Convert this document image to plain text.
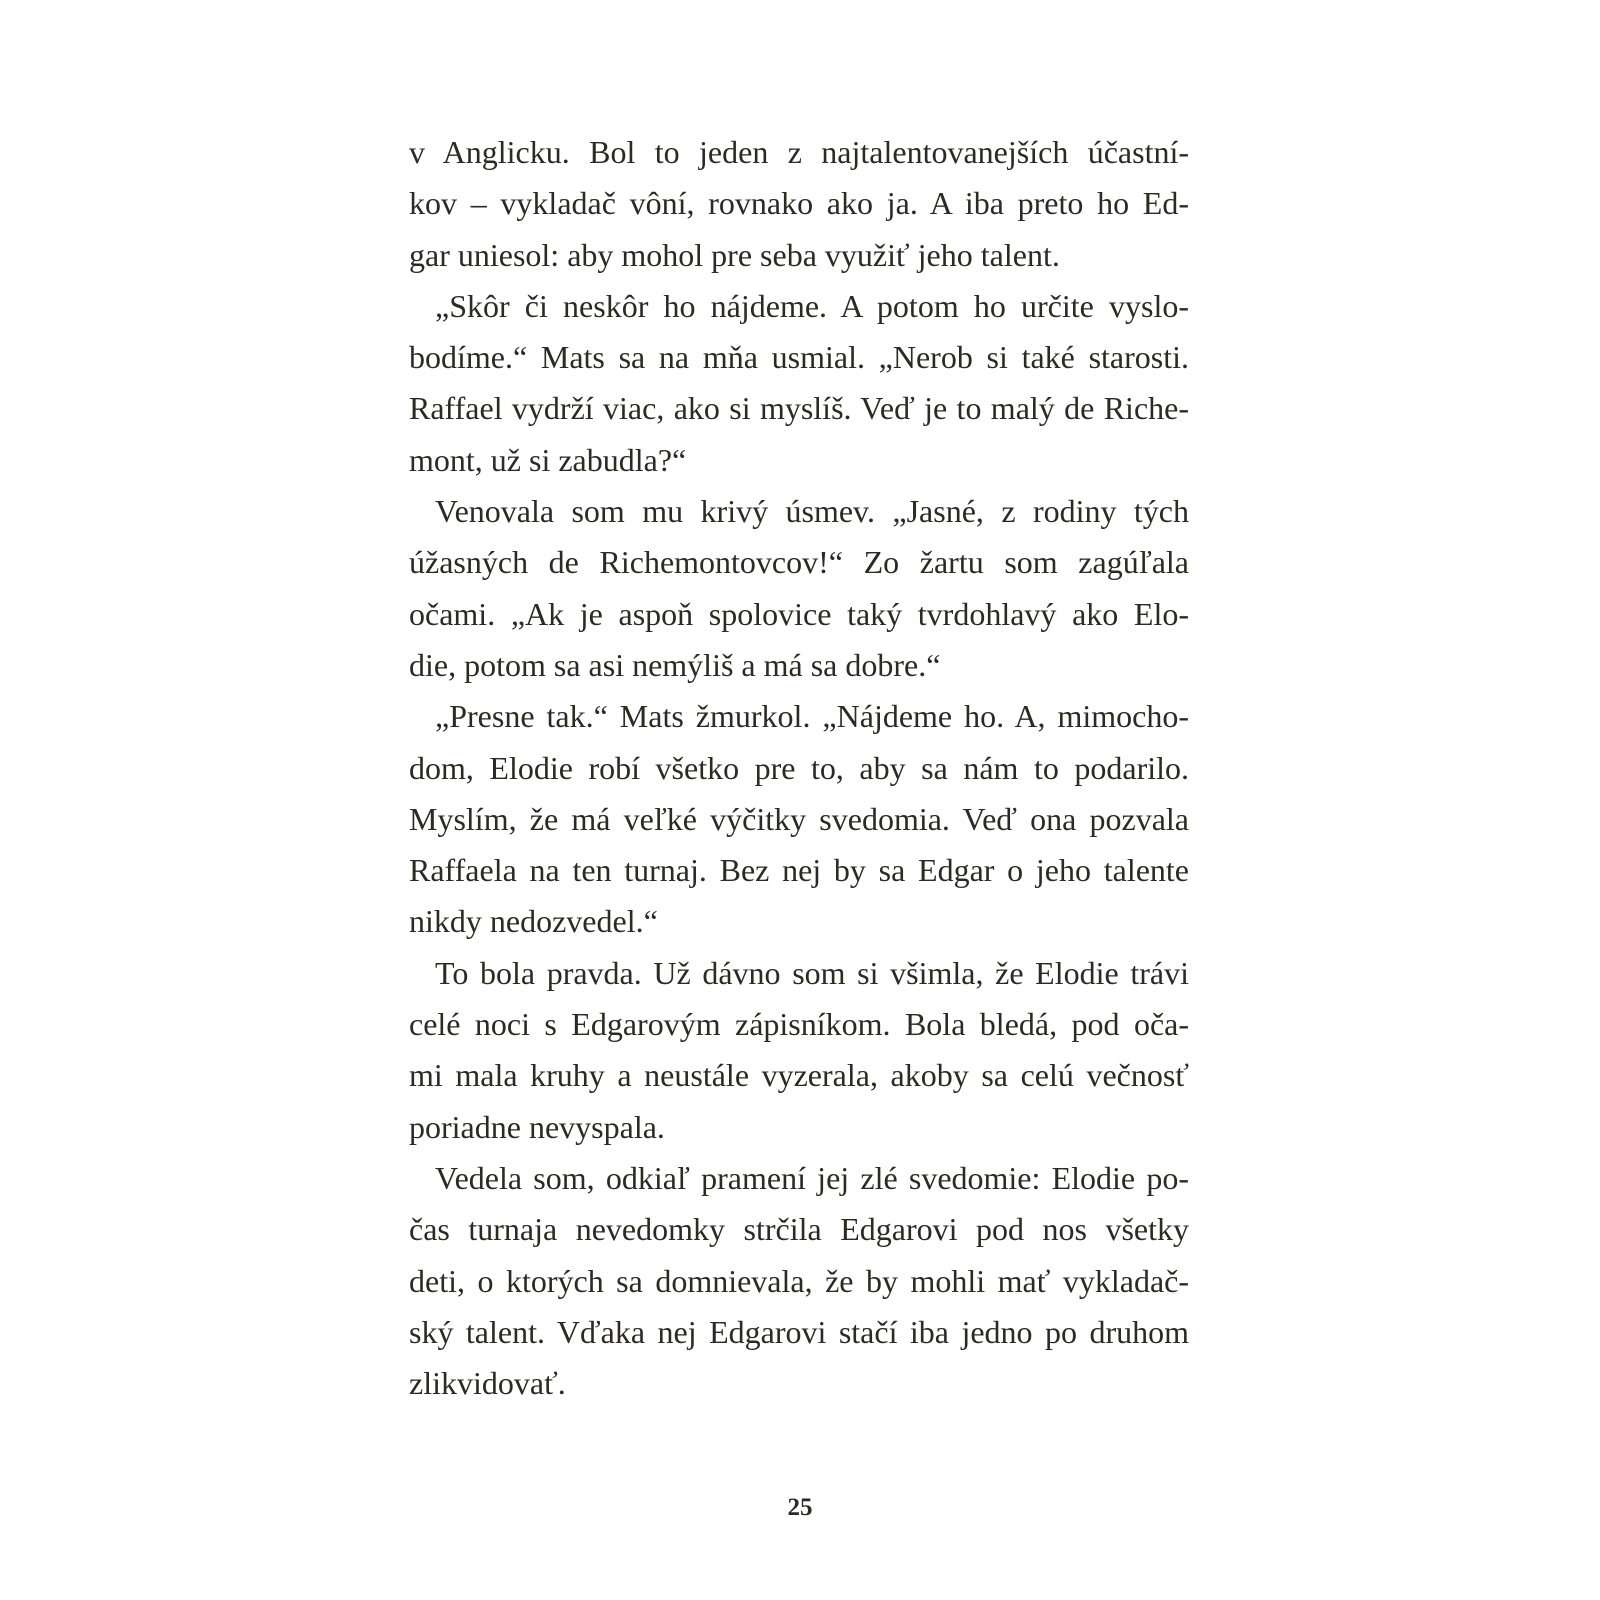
v Anglicku. Bol to jeden z najtalentovanejších účastní-
kov – vykladač vôní, rovnako ako ja. A iba preto ho Ed-
gar uniesol: aby mohol pre seba využiť jeho talent.
„Skôr či neskôr ho nájdeme. A potom ho určite vyslo-
bodíme.“ Mats sa na mňa usmial. „Nerob si také starosti.
Raffael vydrží viac, ako si myslíš. Veď je to malý de Riche-
mont, už si zabudla?“
Venovala som mu krivý úsmev. „Jasné, z rodiny tých
úžasných de Richemontovcov!“ Zo žartu som zagúľala
očami. „Ak je aspoň spolovice taký tvrdohlavý ako Elo-
die, potom sa asi nemýliš a má sa dobre.“
„Presne tak.“ Mats žmurkol. „Nájdeme ho. A, mimocho-
dom, Elodie robí všetko pre to, aby sa nám to podarilo.
Myslím, že má veľké výčitky svedomia. Veď ona pozvala
Raffaela na ten turnaj. Bez nej by sa Edgar o jeho talente
nikdy nedozvedel.“
To bola pravda. Už dávno som si všimla, že Elodie trávi
celé noci s Edgarovým zápisníkom. Bola bledá, pod oča-
mi mala kruhy a neustále vyzerala, akoby sa celú večnosť
poriadne nevyspala.
Vedela som, odkiaľ pramení jej zlé svedomie: Elodie po-
čas turnaja nevedomky strčila Edgarovi pod nos všetky
deti, o ktorých sa domnievala, že by mohli mať vykladač-
ský talent. Vďaka nej Edgarovi stačí iba jedno po druhom
zlikvidovať.
25
